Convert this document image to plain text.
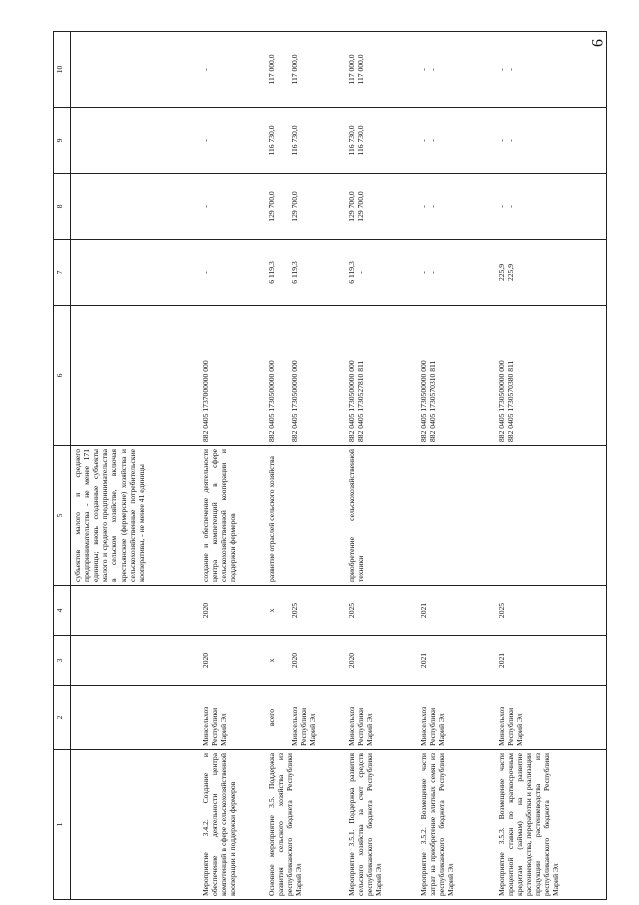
9
1	2	3	4	5	6	7	8	9	10
				субъектов малого и среднего предпринимательства - не менее 171 единицы; вновь созданные субъекты малого и среднего предпринимательства в сельском хозяйстве, включая крестьянские (фермерские) хозяйства и сельскохозяйственные потребительские кооперативы, - не менее 41 единицы					
Мероприятие 3.4.2. Создание и обеспечение деятельности центра компетенций в сфере сельскохозяйственной кооперации и поддержки фермеров	Минсельхоз Республики Марий Эл	2020	2020	создание и обеспечение деятельности центра компетенций в сфере сельскохозяйственной кооперации и поддержки фермеров	882 0405 1737000000 000	-	-	-	-
Основное мероприятие 3.5. Поддержка развития сельского хозяйства из республиканского бюджета Республики Марий Эл	всего Минсельхоз Республики Марий Эл	х 2020	х 2025	развитие отраслей сельского хозяйства	882 0405 1730500000 000 882 0405 1730500000 000	6 119,3 6 119,3	129 700,0 129 700,0	116 730,0 116 730,0	117 000,0 117 000,0

Мероприятие 3.5.1. Поддержка развития сельского хозяйства за счет средств республиканского бюджета Республики Марий Эл	Минсельхоз Республики Марий Эл	2020	2025	приобретение сельскохозяйственной техники	882 0405 1730500000 000 882 0405 1730527810 811	6 119,3 -	129 700,0 129 700,0	116 730,0 116 730,0	117 000,0 117 000,0

Мероприятие 3.5.2. Возмещение части затрат на приобретение элитных семян из республиканского бюджета Республики Марий Эл	Минсельхоз Республики Марий Эл	2021	2021		882 0405 1730500000 000 882 0405 1730570310 811	- -	- -	- -	- -

Мероприятие 3.5.3. Возмещение части процентной ставки по краткосрочным кредитам (займам) на развитие растениеводства, переработки и реализации продукции растениеводства из республиканского бюджета Республики Марий Эл	Минсельхоз Республики Марий Эл	2021	2025		882 0405 1730500000 000 882 0405 1730570380 811	225,9 225,9	- -	- -	- -
